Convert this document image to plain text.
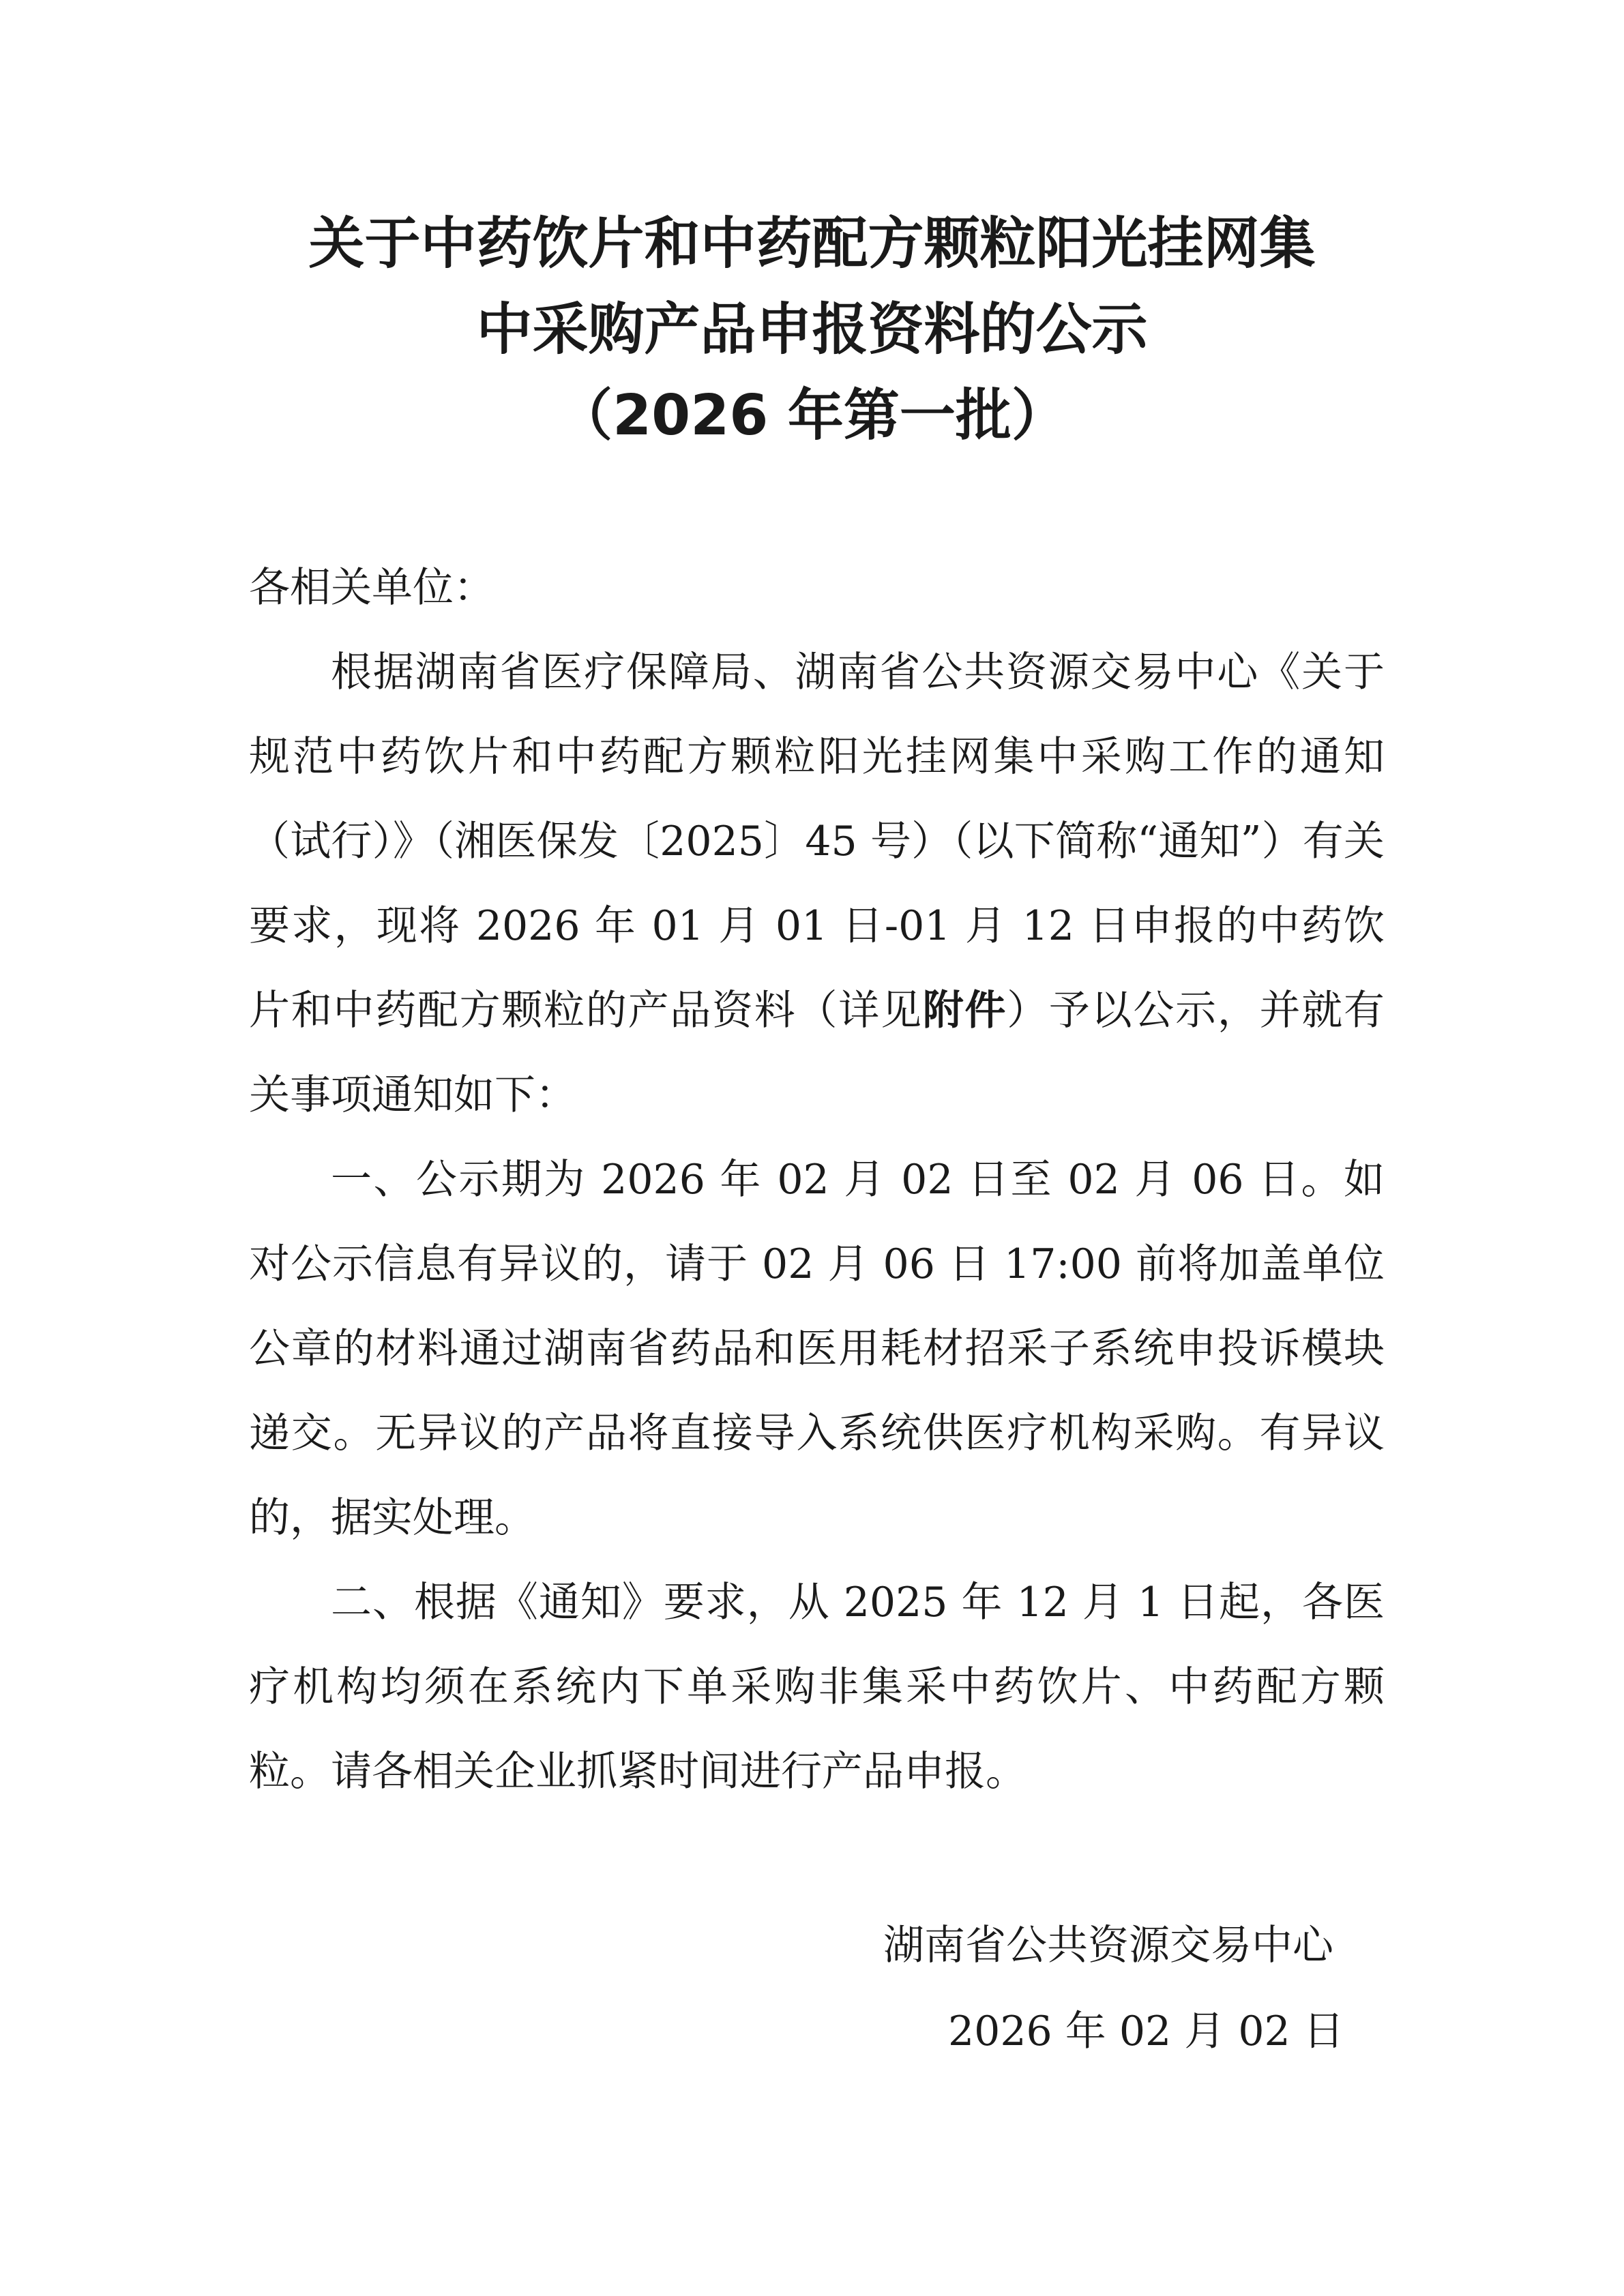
关于中药饮片和中药配方颗粒阳光挂网集
中采购产品申报资料的公示
（2026 年第一批）

各相关单位：

根据湖南省医疗保障局、湖南省公共资源交易中心《关于规范中药饮片和中药配方颗粒阳光挂网集中采购工作的通知（试行）》（湘医保发〔2025〕45 号）（以下简称“通知”）有关要求，现将 2026 年 01 月 01 日-01 月 12 日申报的中药饮片和中药配方颗粒的产品资料（详见附件）予以公示，并就有关事项通知如下：

一、公示期为 2026 年 02 月 02 日至 02 月 06 日。如对公示信息有异议的，请于 02 月 06 日 17:00 前将加盖单位公章的材料通过湖南省药品和医用耗材招采子系统申投诉模块递交。无异议的产品将直接导入系统供医疗机构采购。有异议的，据实处理。

二、根据《通知》要求，从 2025 年 12 月 1 日起，各医疗机构均须在系统内下单采购非集采中药饮片、中药配方颗粒。请各相关企业抓紧时间进行产品申报。

湖南省公共资源交易中心
2026 年 02 月 02 日
